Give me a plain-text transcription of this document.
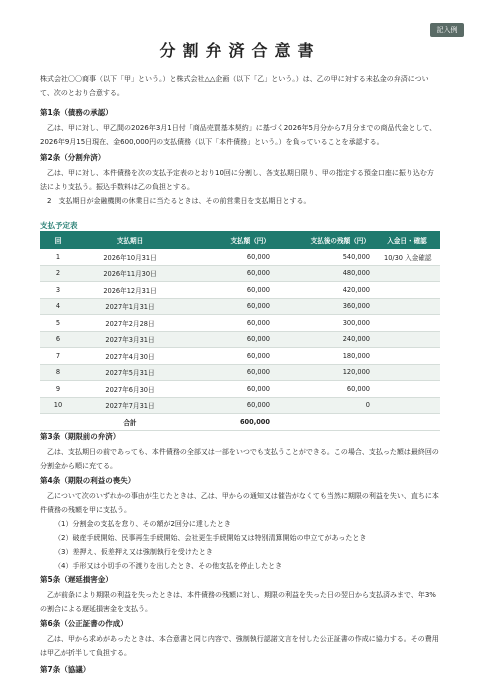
記入例
分割弁済合意書

株式会社〇〇商事（以下「甲」という。）と株式会社△△企画（以下「乙」という。）は、乙の甲に対する未払金の弁済について、次のとおり合意する。

第1条（債務の承認）

乙は、甲に対し、甲乙間の2026年3月1日付「商品売買基本契約」に基づく2026年5月分から7月分までの商品代金として、2026年9月15日現在、金600,000円の支払債務（以下「本件債務」という。）を負っていることを承認する。

第2条（分割弁済）

乙は、甲に対し、本件債務を次の支払予定表のとおり10回に分割し、各支払期日限り、甲の指定する預金口座に振り込む方法により支払う。振込手数料は乙の負担とする。

2　支払期日が金融機関の休業日に当たるときは、その前営業日を支払期日とする。

支払予定表
回	支払期日	支払額（円）	支払後の残額（円）	入金日・確認
1	2026年10月31日	60,000	540,000	10/30 入金確認
2	2026年11月30日	60,000	480,000	
3	2026年12月31日	60,000	420,000	
4	2027年1月31日	60,000	360,000	
5	2027年2月28日	60,000	300,000	
6	2027年3月31日	60,000	240,000	
7	2027年4月30日	60,000	180,000	
8	2027年5月31日	60,000	120,000	
9	2027年6月30日	60,000	60,000	
10	2027年7月31日	60,000	0	
	合計	600,000		
第3条（期限前の弁済）

乙は、支払期日の前であっても、本件債務の全部又は一部をいつでも支払うことができる。この場合、支払った額は最終回の分割金から順に充てる。

第4条（期限の利益の喪失）

乙について次のいずれかの事由が生じたときは、乙は、甲からの通知又は催告がなくても当然に期限の利益を失い、直ちに本件債務の残額を甲に支払う。

（1）分割金の支払を怠り、その額が2回分に達したとき
（2）破産手続開始、民事再生手続開始、会社更生手続開始又は特別清算開始の申立てがあったとき
（3）差押え、仮差押え又は強制執行を受けたとき
（4）手形又は小切手の不渡りを出したとき、その他支払を停止したとき
第5条（遅延損害金）

乙が前条により期限の利益を失ったときは、本件債務の残額に対し、期限の利益を失った日の翌日から支払済みまで、年3%の割合による遅延損害金を支払う。

第6条（公正証書の作成）

乙は、甲から求めがあったときは、本合意書と同じ内容で、強制執行認諾文言を付した公正証書の作成に協力する。その費用は甲乙が折半して負担する。

第7条（協議）
